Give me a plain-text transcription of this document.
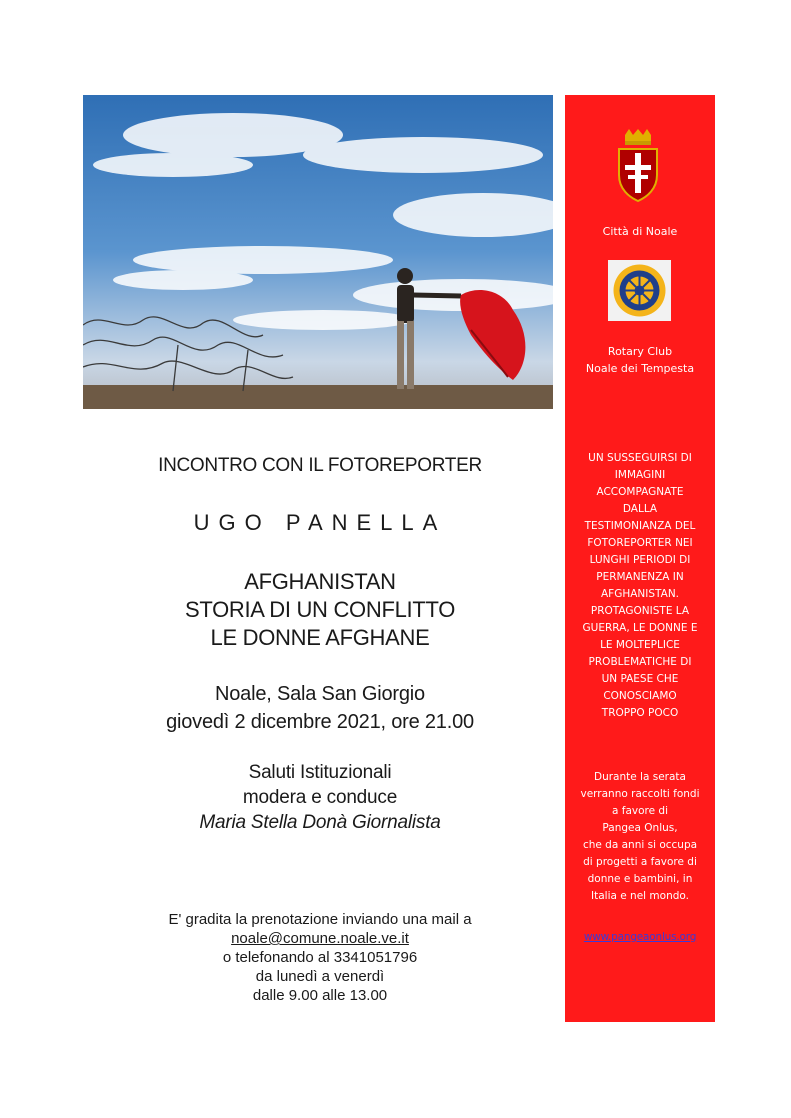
INCONTRO CON IL FOTOREPORTER
UGO PANELLA
AFGHANISTAN
STORIA DI UN CONFLITTO
LE DONNE AFGHANE
Noale, Sala San Giorgio
giovedì 2 dicembre 2021, ore 21.00
Saluti Istituzionali
modera e conduce
Maria Stella Donà Giornalista
E' gradita la prenotazione inviando una mail a
noale@comune.noale.ve.it
o telefonando al 3341051796
da lunedì a venerdì
dalle 9.00 alle 13.00
Città di Noale
Rotary Club
Noale dei Tempesta
UN SUSSEGUIRSI DI
IMMAGINI
ACCOMPAGNATE
DALLA
TESTIMONIANZA DEL
FOTOREPORTER NEI
LUNGHI PERIODI DI
PERMANENZA IN
AFGHANISTAN.
PROTAGONISTE LA
GUERRA, LE DONNE E
LE MOLTEPLICE
PROBLEMATICHE DI
UN PAESE CHE
CONOSCIAMO
TROPPO POCO
Durante la serata
verranno raccolti fondi
a favore di
Pangea Onlus,
che da anni si occupa
di progetti a favore di
donne e bambini, in
Italia e nel mondo.
www.pangeaonlus.org
